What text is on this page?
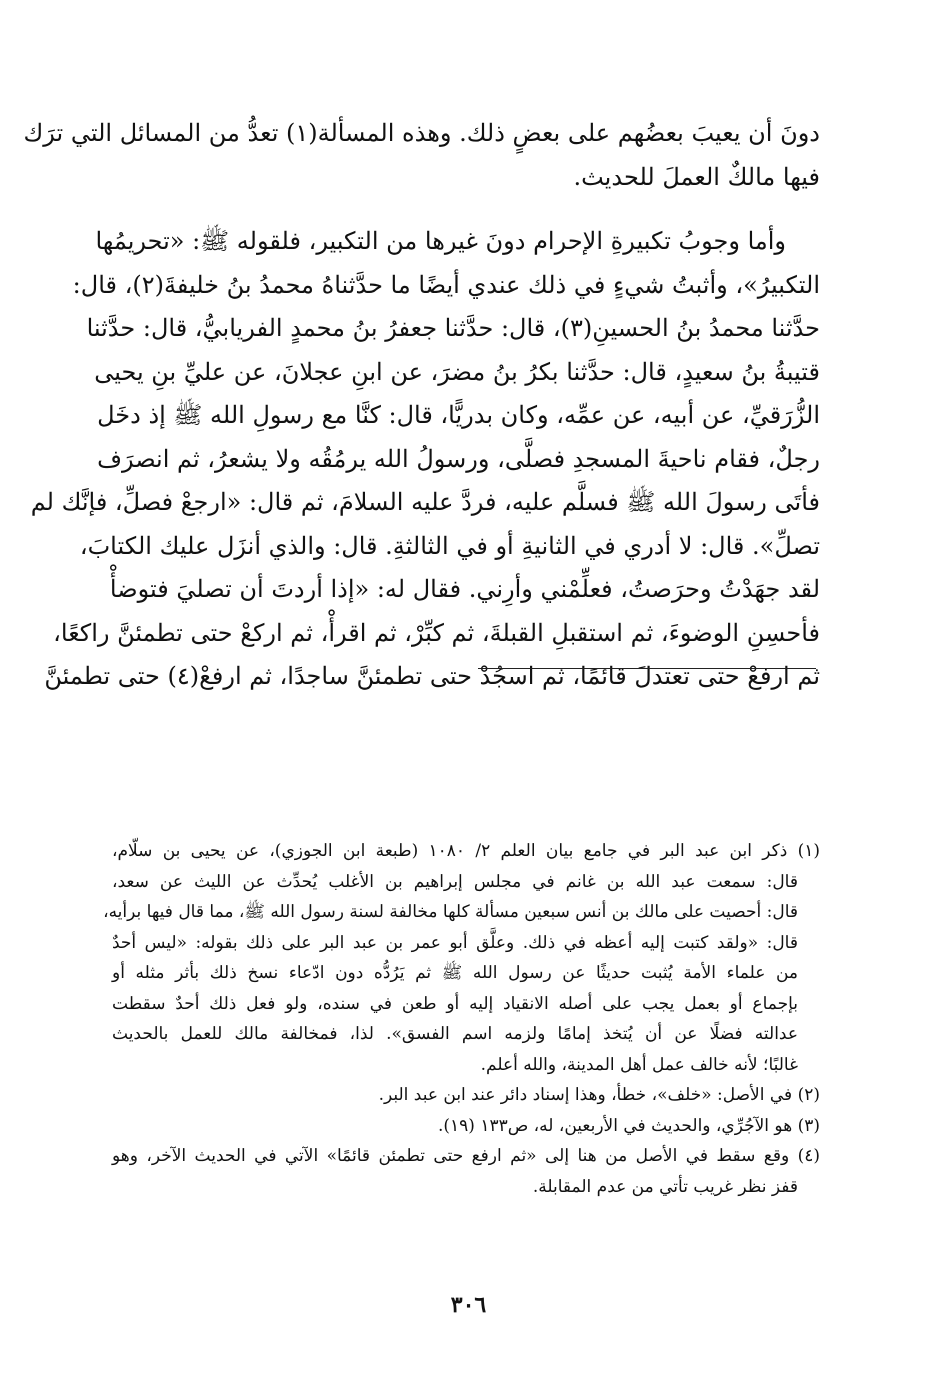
دونَ أن يعيبَ بعضُهم على بعضٍ ذلك. وهذه المسألة(١) تعدُّ من المسائل التي ترَك
فيها مالكٌ العملَ للحديث.
وأما وجوبُ تكبيرةِ الإحرام دونَ غيرها من التكبير، فلقوله ﷺ: «تحريمُها
التكبيرُ»، وأثبتُ شيءٍ في ذلك عندي أيضًا ما حدَّثناهُ محمدُ بنُ خليفةَ(٢)، قال:
حدَّثنا محمدُ بنُ الحسينِ(٣)، قال: حدَّثنا جعفرُ بنُ محمدٍ الفريابيُّ، قال: حدَّثنا
قتيبةُ بنُ سعيدٍ، قال: حدَّثنا بكرُ بنُ مضرَ، عن ابنِ عجلانَ، عن عليِّ بنِ يحيى
الزُّرَقيِّ، عن أبيه، عن عمِّه، وكان بدريًّا، قال: كنَّا مع رسولِ الله ﷺ إذ دخَل
رجلٌ، فقام ناحيةَ المسجدِ فصلَّى، ورسولُ الله يرمُقُه ولا يشعرُ، ثم انصرَف
فأتَى رسولَ الله ﷺ فسلَّم عليه، فردَّ عليه السلامَ، ثم قال: «ارجعْ فصلِّ، فإنَّك لم
تصلِّ». قال: لا أدري في الثانيةِ أو في الثالثةِ. قال: والذي أنزَل عليك الكتابَ،
لقد جهَدْتُ وحرَصتُ، فعلِّمْني وأرِني. فقال له: «إذا أردتَ أن تصليَ فتوضأْ
فأحسِنِ الوضوءَ، ثم استقبلِ القبلةَ، ثم كبِّرْ، ثم اقرأْ، ثم اركعْ حتى تطمئنَّ راكعًا،
ثم ارفعْ حتى تعتدلَ قائمًا، ثم اسجُدْ حتى تطمئنَّ ساجدًا، ثم ارفعْ(٤) حتى تطمئنَّ
(١) ذكر ابن عبد البر في جامع بيان العلم ٢/ ١٠٨٠ (طبعة ابن الجوزي)، عن يحيى بن سلّام،
قال: سمعت عبد الله بن غانم في مجلس إبراهيم بن الأغلب يُحدِّث عن الليث عن سعد،
قال: أحصيت على مالك بن أنس سبعين مسألة كلها مخالفة لسنة رسول الله ﷺ، مما قال فيها برأيه،
قال: «ولقد كتبت إليه أعظه في ذلك. وعلَّق أبو عمر بن عبد البر على ذلك بقوله: «ليس أحدٌ
من علماء الأمة يُثبت حديثًا عن رسول الله ﷺ ثم يَرُدُّه دون ادّعاء نسخ ذلك بأثر مثله أو
بإجماع أو بعمل يجب على أصله الانقياد إليه أو طعن في سنده، ولو فعل ذلك أحدٌ سقطت
عدالته فضلًا عن أن يُتخذ إمامًا ولزمه اسم الفسق». لذا، فمخالفة مالك للعمل بالحديث
غالبًا؛ لأنه خالف عمل أهل المدينة، والله أعلم.
(٢) في الأصل: «خلف»، خطأ، وهذا إسناد دائر عند ابن عبد البر.
(٣) هو الآجُرِّي، والحديث في الأربعين، له، ص١٣٣ (١٩).
(٤) وقع سقط في الأصل من هنا إلى «ثم ارفع حتى تطمئن قائمًا» الآتي في الحديث الآخر، وهو
قفز نظر غريب تأتي من عدم المقابلة.
٣٠٦
